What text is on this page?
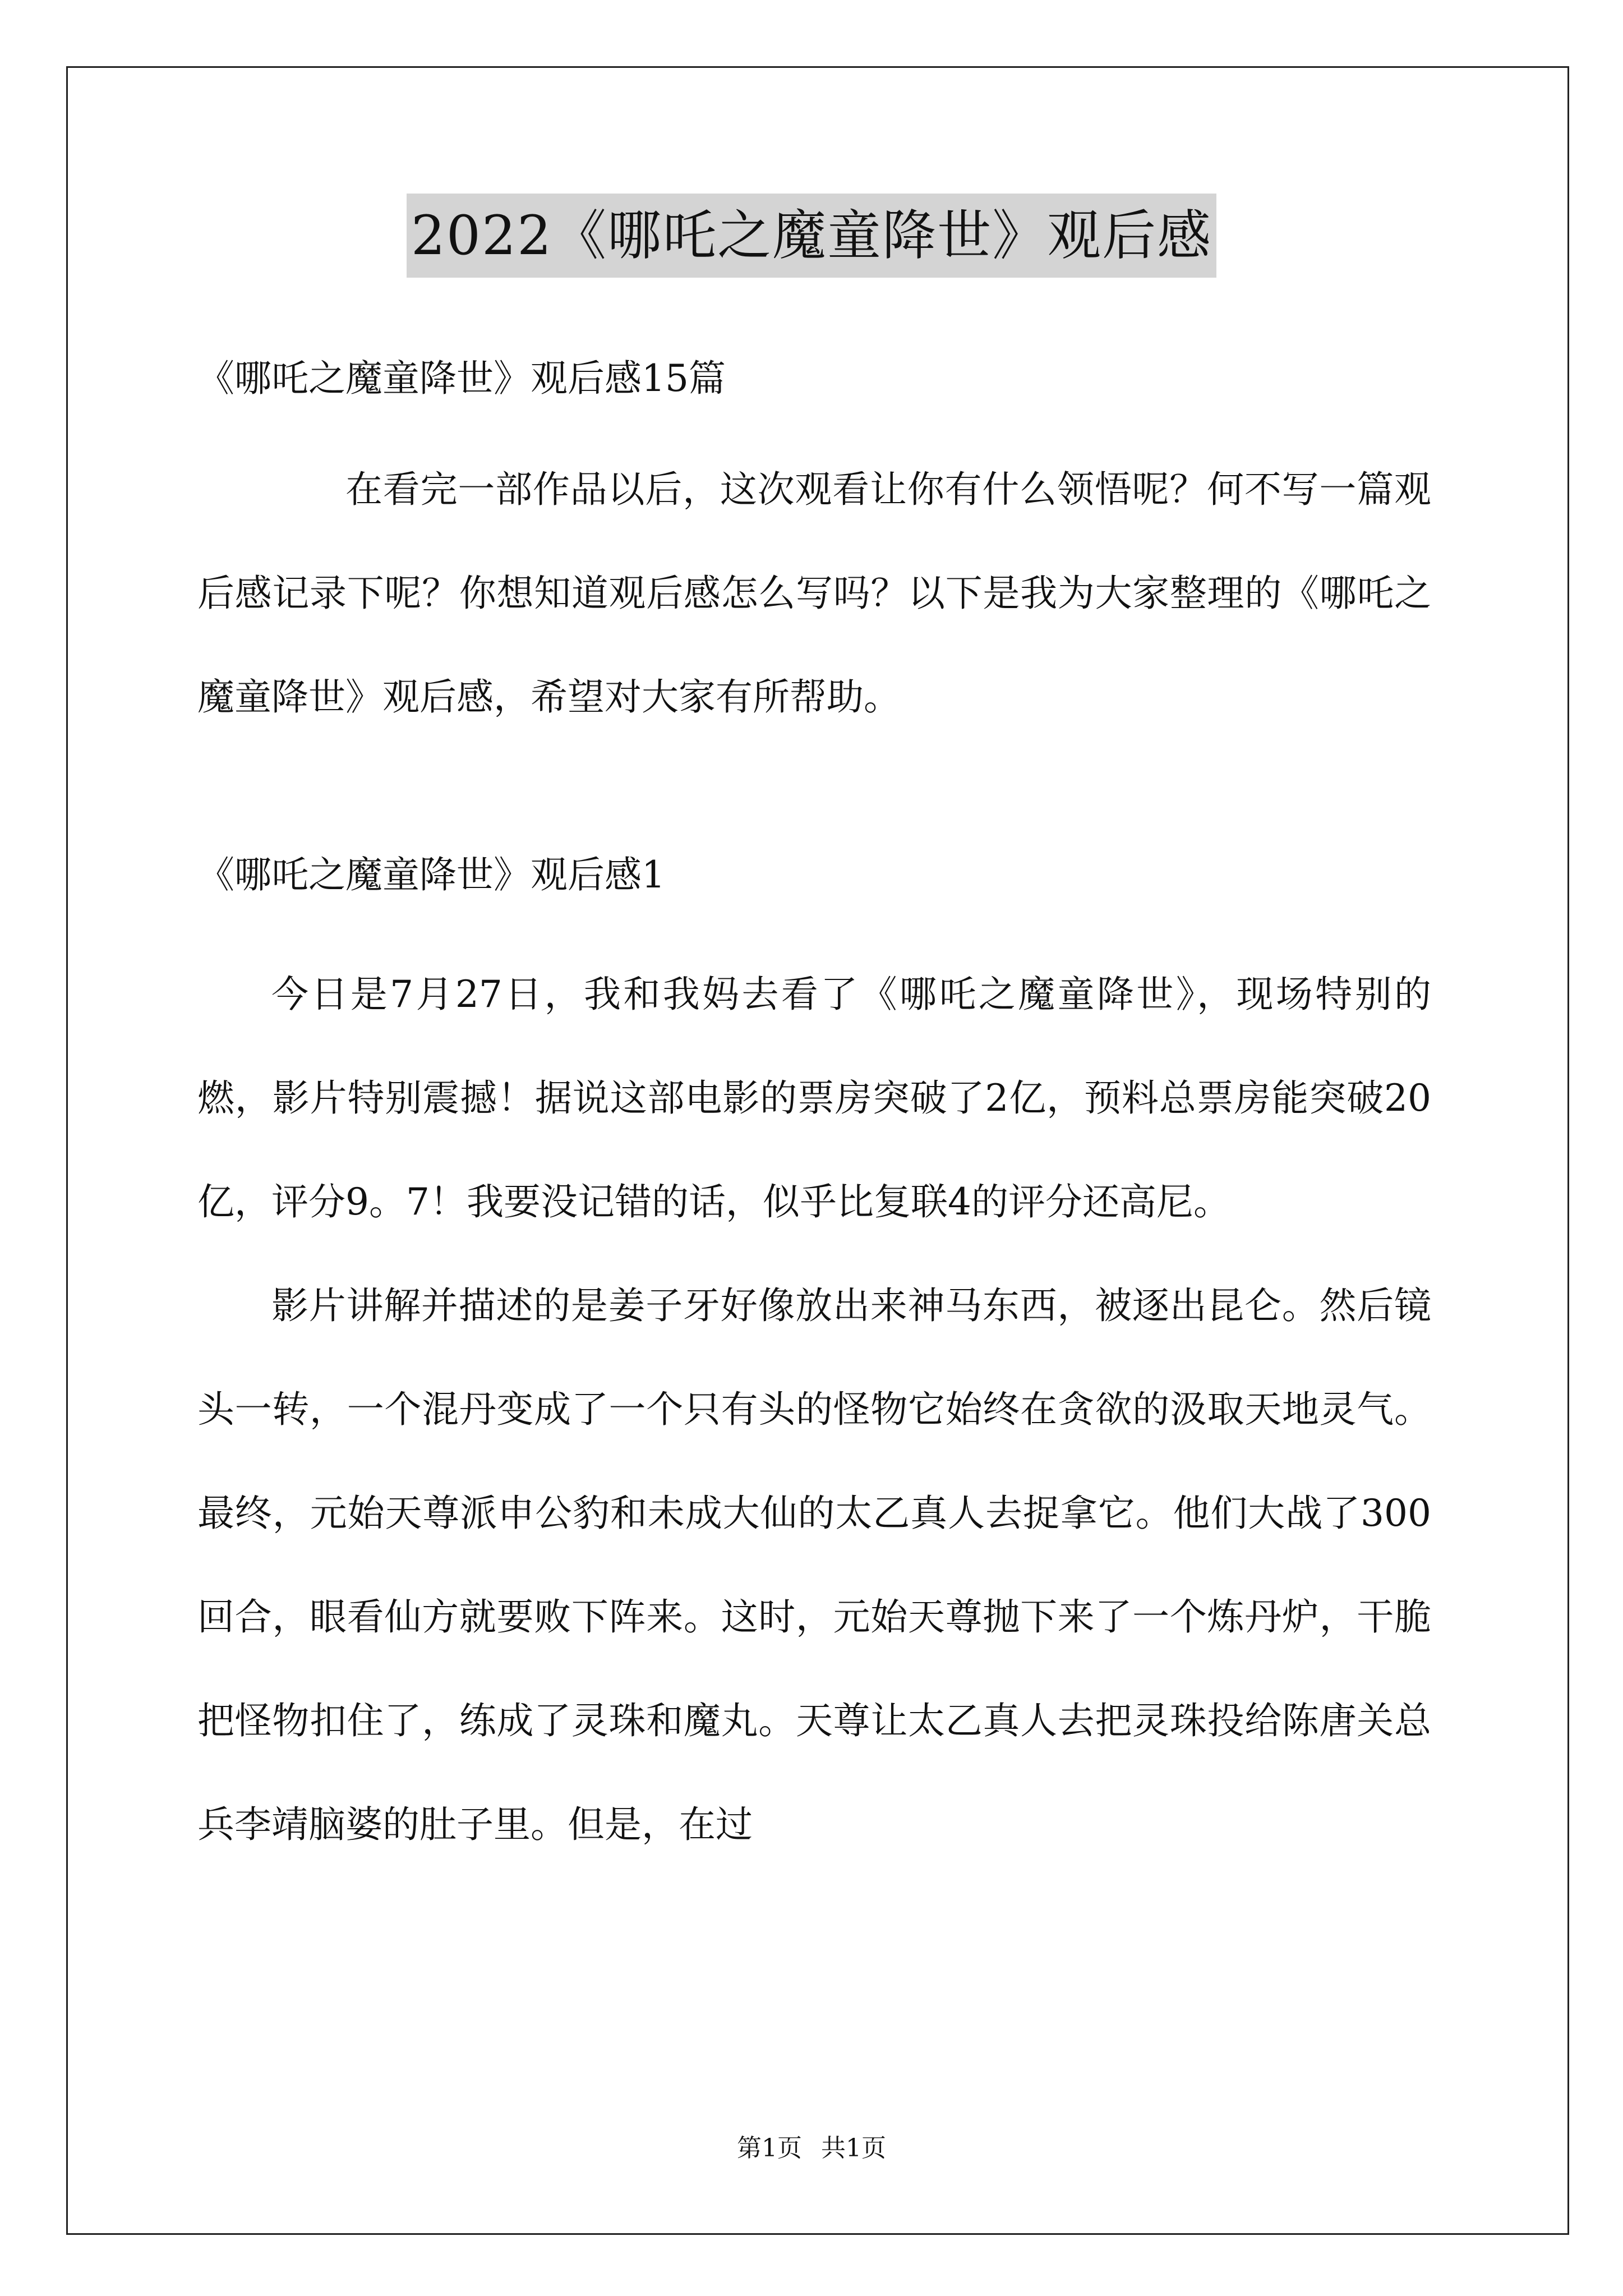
2022《哪吒之魔童降世》观后感

《哪吒之魔童降世》观后感15篇

在看完一部作品以后，这次观看让你有什么领悟呢？何不写一篇观后感记录下呢？你想知道观后感怎么写吗？以下是我为大家整理的《哪吒之魔童降世》观后感，希望对大家有所帮助。

《哪吒之魔童降世》观后感1

今日是7月27日，我和我妈去看了《哪吒之魔童降世》，现场特别的燃，影片特别震撼！据说这部电影的票房突破了2亿，预料总票房能突破20亿，评分9。7！我要没记错的话，似乎比复联4的评分还高尼。

影片讲解并描述的是姜子牙好像放出来神马东西，被逐出昆仑。然后镜头一转，一个混丹变成了一个只有头的怪物它始终在贪欲的汲取天地灵气。最终，元始天尊派申公豹和未成大仙的太乙真人去捉拿它。他们大战了300回合，眼看仙方就要败下阵来。这时，元始天尊抛下来了一个炼丹炉，干脆把怪物扣住了，练成了灵珠和魔丸。天尊让太乙真人去把灵珠投给陈唐关总兵李靖脑婆的肚子里。但是，在过

第1页 共1页
